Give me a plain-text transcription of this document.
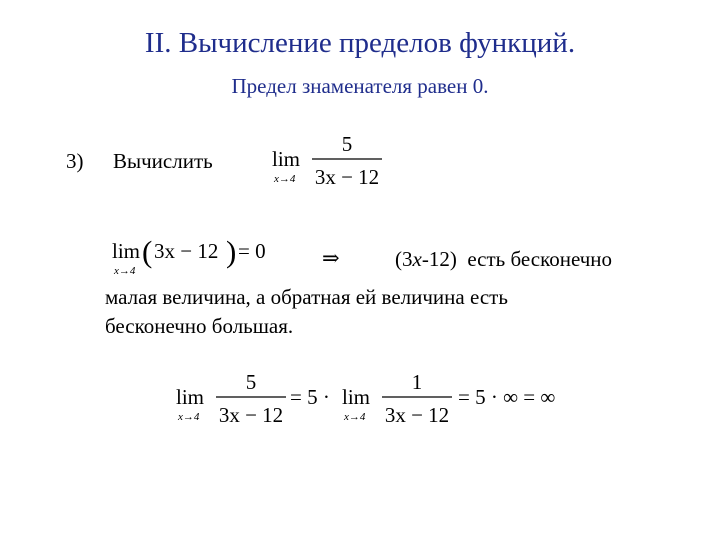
II. Вычисление пределов функций.
Предел знаменателя равен 0.
3) Вычислить	lim
x→4
5
3x − 12
lim
x→4
( 3x − 12 ) = 0	⇒	(3x-12) есть бесконечно
малая величина, а обратная ей величина есть
бесконечно большая.
lim
x→4
5
3x − 12
= 5 · lim
x→4
1
3x − 12
= 5 · ∞ = ∞
